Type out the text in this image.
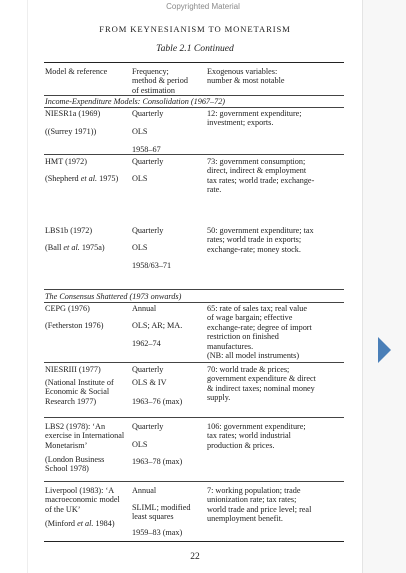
Copyrighted Material
FROM KEYNESIANISM TO MONETARISM
Table 2.1 Continued
Model & reference	Frequency;
method & period
of estimation
Exogenous variables:
number & most notable
Income-Expenditure Models: Consolidation (1967–72)
NIESR1a (1969)
((Surrey 1971))
Quarterly
OLS
1958–67
12: government expenditure;
investment; exports.
HMT (1972)
(Shepherd et al. 1975)
Quarterly
OLS
73: government consumption;
direct, indirect & employment
tax rates; world trade; exchange-
rate.
LBS1b (1972)
(Ball et al. 1975a)
Quarterly
OLS
1958/63–71
50: government expenditure; tax
rates; world trade in exports;
exchange-rate; money stock.
The Consensus Shattered (1973 onwards)
CEPG (1976)
(Fetherston 1976)
Annual
OLS; AR; MA.
1962–74
65: rate of sales tax; real value
of wage bargain; effective
exchange-rate; degree of import
restriction on finished
manufactures.
(NB: all model instruments)
NIESRIII (1977)
(National Institute of
Economic & Social
Research 1977)
Quarterly
OLS & IV
1963–76 (max)
70: world trade & prices;
government expenditure & direct
& indirect taxes; nominal money
supply.
LBS2 (1978): ‘An
exercise in International
Monetarism’
(London Business
School 1978)
Quarterly
OLS
1963–78 (max)
106: government expenditure;
tax rates; world industrial
production & prices.
Liverpool (1983): ‘A
macroeconomic model
of the UK’
(Minford et al. 1984)
Annual
SLIML; modified
least squares
1959–83 (max)
7: working population; trade
unionization rate; tax rates;
world trade and price level; real
unemployment benefit.
22
